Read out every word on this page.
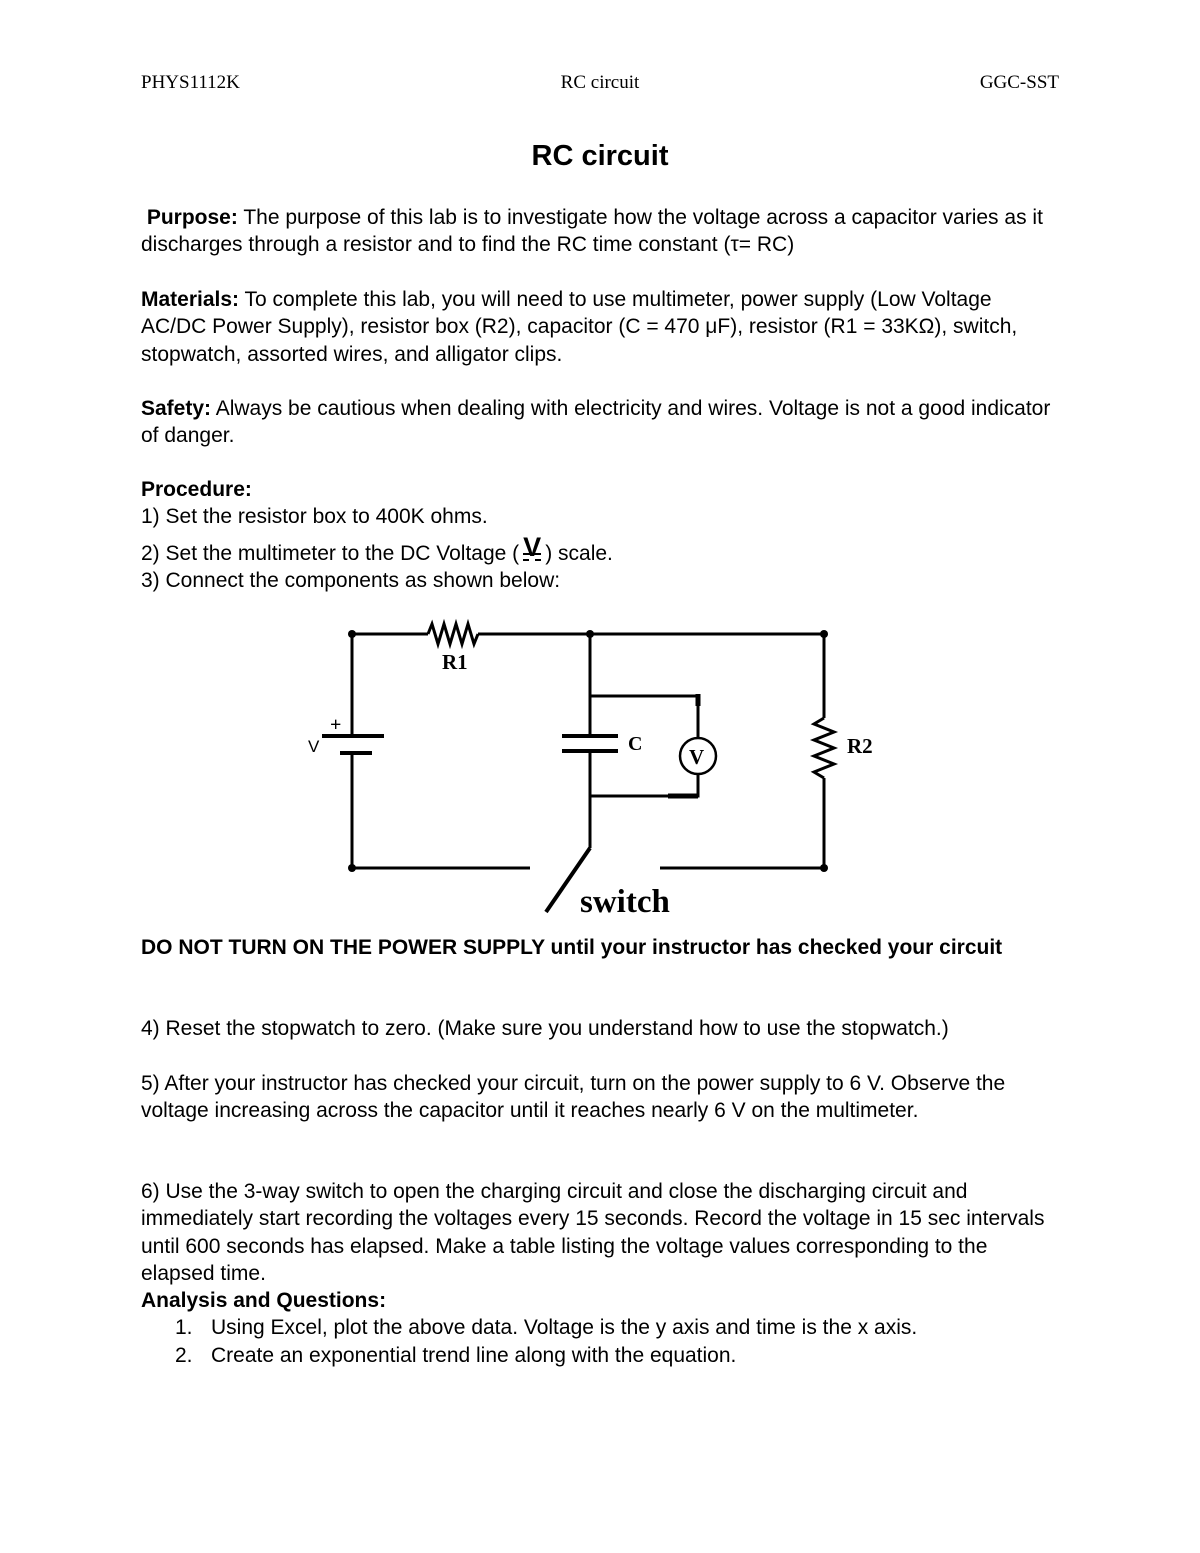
PHYS1112K	RC circuit	GGC-SST
RC circuit

Purpose: The purpose of this lab is to investigate how the voltage across a capacitor varies as it discharges through a resistor and to find the RC time constant (τ= RC)

Materials: To complete this lab, you will need to use multimeter, power supply (Low Voltage AC/DC Power Supply), resistor box (R2), capacitor (C = 470 μF), resistor (R1 = 33KΩ), switch, stopwatch, assorted wires, and alligator clips.

Safety: Always be cautious when dealing with electricity and wires. Voltage is not a good indicator of danger.

Procedure:

1) Set the resistor box to 400K ohms.

2) Set the multimeter to the DC Voltage ( V ) scale.

3) Connect the components as shown below:

R1
+
V	C
V	R2
switch

DO NOT TURN ON THE POWER SUPPLY until your instructor has checked your circuit

4) Reset the stopwatch to zero. (Make sure you understand how to use the stopwatch.)
5) After your instructor has checked your circuit, turn on the power supply to 6 V. Observe the voltage increasing across the capacitor until it reaches nearly 6 V on the multimeter.
6) Use the 3-way switch to open the charging circuit and close the discharging circuit and immediately start recording the voltages every 15 seconds. Record the voltage in 15 sec intervals until 600 seconds has elapsed. Make a table listing the voltage values corresponding to the elapsed time.

Analysis and Questions:

1. Using Excel, plot the above data. Voltage is the y axis and time is the x axis.
2. Create an exponential trend line along with the equation.
